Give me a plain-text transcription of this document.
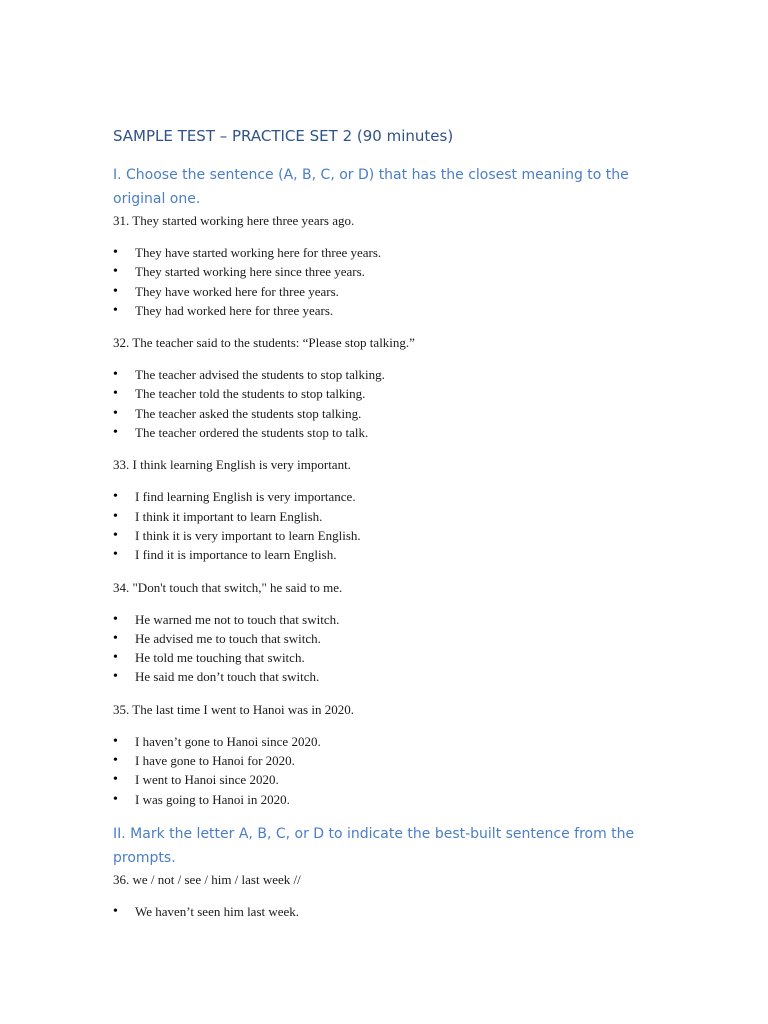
SAMPLE TEST – PRACTICE SET 2 (90 minutes)
I. Choose the sentence (A, B, C, or D) that has the closest meaning to the original one.

31. They started working here three years ago.

• They have started working here for three years.
• They started working here since three years.
• They have worked here for three years.
• They had worked here for three years.

32. The teacher said to the students: “Please stop talking.”

• The teacher advised the students to stop talking.
• The teacher told the students to stop talking.
• The teacher asked the students stop talking.
• The teacher ordered the students stop to talk.

33. I think learning English is very important.

• I find learning English is very importance.
• I think it important to learn English.
• I think it is very important to learn English.
• I find it is importance to learn English.

34. "Don't touch that switch," he said to me.

• He warned me not to touch that switch.
• He advised me to touch that switch.
• He told me touching that switch.
• He said me don’t touch that switch.

35. The last time I went to Hanoi was in 2020.

• I haven’t gone to Hanoi since 2020.
• I have gone to Hanoi for 2020.
• I went to Hanoi since 2020.
• I was going to Hanoi in 2020.
II. Mark the letter A, B, C, or D to indicate the best-built sentence from the prompts.

36. we / not / see / him / last week //

• We haven’t seen him last week.
